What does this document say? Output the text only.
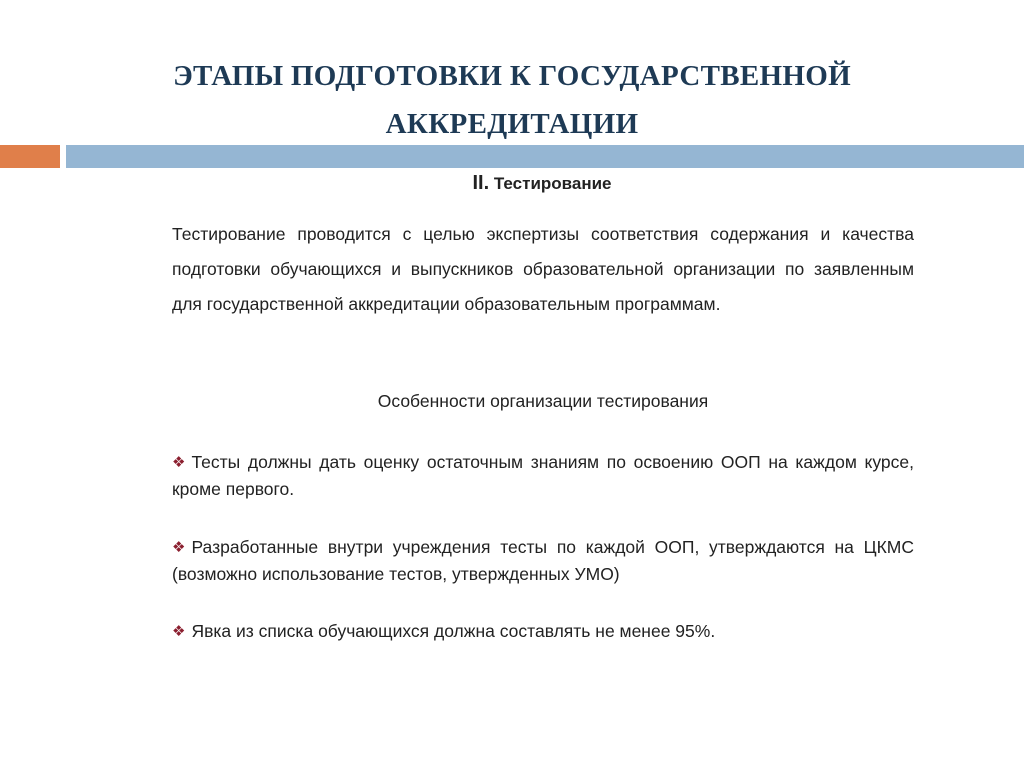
ЭТАПЫ ПОДГОТОВКИ К ГОСУДАРСТВЕННОЙ
АККРЕДИТАЦИИ
II. Тестирование
Тестирование проводится с целью экспертизы соответствия содержания и качества подготовки обучающихся и выпускников образовательной организации по заявленным для государственной аккредитации образовательным программам.
Особенности организации тестирования
❖ Тесты должны дать оценку остаточным знаниям по освоению ООП на каждом курсе, кроме первого.
❖ Разработанные внутри учреждения тесты по каждой ООП, утверждаются на ЦКМС (возможно использование тестов, утвержденных УМО)
❖ Явка из списка обучающихся должна составлять не менее 95%.
